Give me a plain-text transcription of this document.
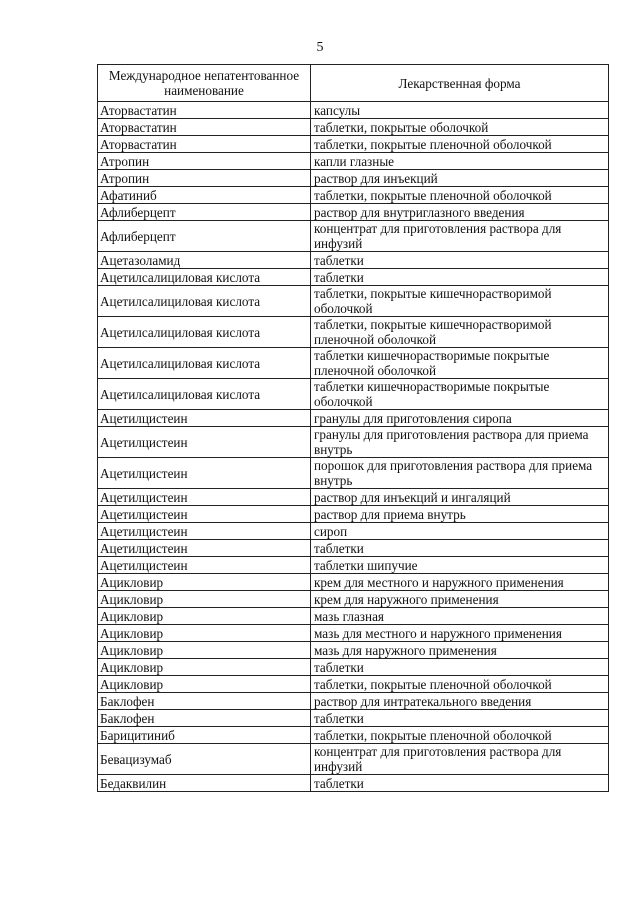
5
Международное непатентованное наименование	Лекарственная форма
Аторвастатин	капсулы
Аторвастатин	таблетки, покрытые оболочкой
Аторвастатин	таблетки, покрытые пленочной оболочкой
Атропин	капли глазные
Атропин	раствор для инъекций
Афатиниб	таблетки, покрытые пленочной оболочкой
Афлиберцепт	раствор для внутриглазного введения
Афлиберцепт	концентрат для приготовления раствора для инфузий
Ацетазоламид	таблетки
Ацетилсалициловая кислота	таблетки
Ацетилсалициловая кислота	таблетки, покрытые кишечнорастворимой оболочкой
Ацетилсалициловая кислота	таблетки, покрытые кишечнорастворимой пленочной оболочкой
Ацетилсалициловая кислота	таблетки кишечнорастворимые покрытые пленочной оболочкой
Ацетилсалициловая кислота	таблетки кишечнорастворимые покрытые оболочкой
Ацетилцистеин	гранулы для приготовления сиропа
Ацетилцистеин	гранулы для приготовления раствора для приема внутрь
Ацетилцистеин	порошок для приготовления раствора для приема внутрь
Ацетилцистеин	раствор для инъекций и ингаляций
Ацетилцистеин	раствор для приема внутрь
Ацетилцистеин	сироп
Ацетилцистеин	таблетки
Ацетилцистеин	таблетки шипучие
Ацикловир	крем для местного и наружного применения
Ацикловир	крем для наружного применения
Ацикловир	мазь глазная
Ацикловир	мазь для местного и наружного применения
Ацикловир	мазь для наружного применения
Ацикловир	таблетки
Ацикловир	таблетки, покрытые пленочной оболочкой
Баклофен	раствор для интратекального введения
Баклофен	таблетки
Барицитиниб	таблетки, покрытые пленочной оболочкой
Бевацизумаб	концентрат для приготовления раствора для инфузий
Бедаквилин	таблетки
